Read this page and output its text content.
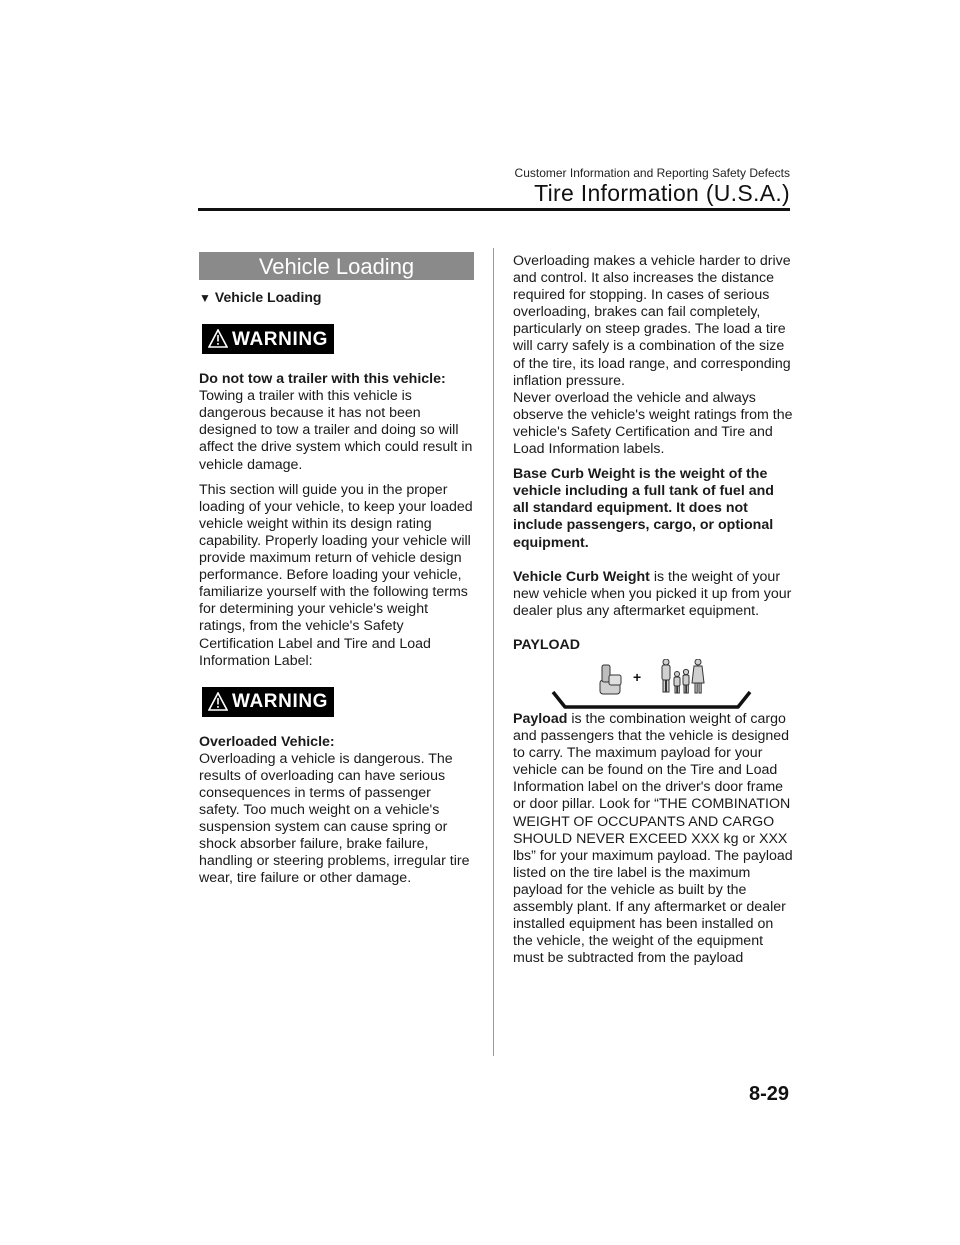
Customer Information and Reporting Safety Defects
Tire Information (U.S.A.)
Vehicle Loading
▼ Vehicle Loading
WARNING

Do not tow a trailer with this vehicle:

Towing a trailer with this vehicle is dangerous because it has not been designed to tow a trailer and doing so will affect the drive system which could result in vehicle damage.

This section will guide you in the proper loading of your vehicle, to keep your loaded vehicle weight within its design rating capability. Properly loading your vehicle will provide maximum return of vehicle design performance. Before loading your vehicle, familiarize yourself with the following terms for determining your vehicle's weight ratings, from the vehicle's Safety Certification Label and Tire and Load Information Label:

WARNING

Overloaded Vehicle:

Overloading a vehicle is dangerous. The results of overloading can have serious consequences in terms of passenger safety. Too much weight on a vehicle's suspension system can cause spring or shock absorber failure, brake failure, handling or steering problems, irregular tire wear, tire failure or other damage.

Overloading makes a vehicle harder to drive and control. It also increases the distance required for stopping. In cases of serious overloading, brakes can fail completely, particularly on steep grades. The load a tire will carry safely is a combination of the size of the tire, its load range, and corresponding inflation pressure.

Never overload the vehicle and always observe the vehicle's weight ratings from the vehicle's Safety Certification and Tire and Load Information labels.

Base Curb Weight is the weight of the vehicle including a full tank of fuel and all standard equipment. It does not include passengers, cargo, or optional equipment.

Vehicle Curb Weight is the weight of your new vehicle when you picked it up from your dealer plus any aftermarket equipment.

PAYLOAD

+

Payload is the combination weight of cargo and passengers that the vehicle is designed to carry. The maximum payload for your vehicle can be found on the Tire and Load Information label on the driver's door frame or door pillar. Look for “THE COMBINATION WEIGHT OF OCCUPANTS AND CARGO SHOULD NEVER EXCEED XXX kg or XXX lbs” for your maximum payload. The payload listed on the tire label is the maximum payload for the vehicle as built by the assembly plant. If any aftermarket or dealer installed equipment has been installed on the vehicle, the weight of the equipment must be subtracted from the payload

8-29
